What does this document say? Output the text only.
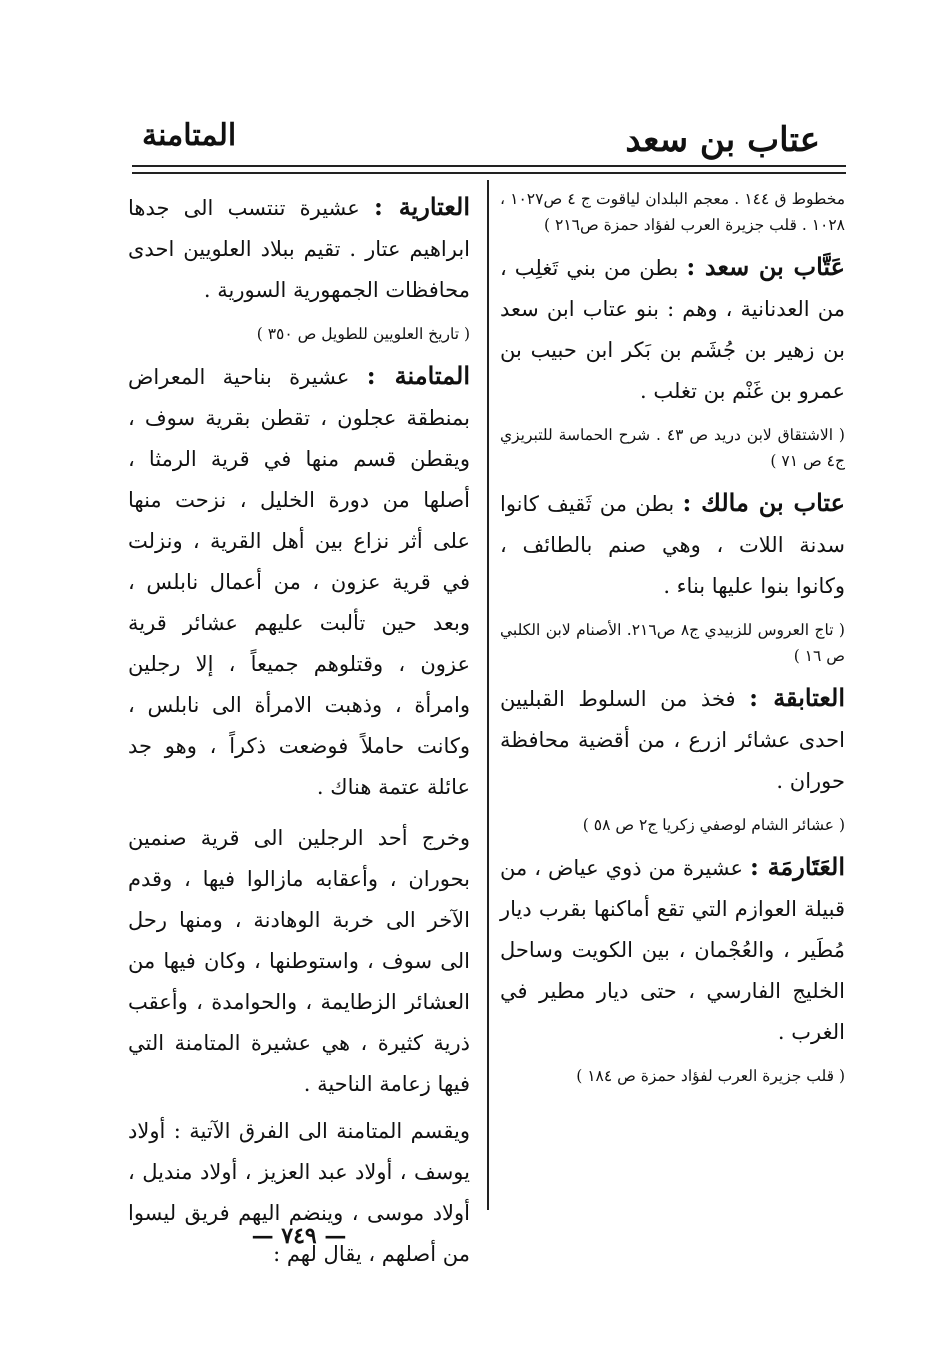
عتاب بن سعد
المتامنة
مخطوط ق ١٤٤ . معجم البلدان لياقوت ج ٤ ص١٠٢٧ ، ١٠٢٨ . قلب جزيرة العرب لفؤاد حمزة ص٢١٦ )
عَتَّاب بن سعد : بطن من بني تَغلِب ، من العدنانية ، وهم : بنو عتاب ابن سعد بن زهير بن جُشَم بن بَكر ابن حبيب بن عمرو بن غَنْم بن تغلب .
( الاشتقاق لابن دريد ص ٤٣ . شرح الحماسة للتبريزي ج٤ ص ٧١ )
عتاب بن مالك : بطن من ثَقيف كانوا سدنة اللات ، وهي صنم بالطائف ، وكانوا بنوا عليها بناء .
( تاج العروس للزبيدي ج٨ ص٢١٦. الأصنام لابن الكلبي ص ١٦ )
العتابقة : فخذ من السلوط القبليين احدى عشائر ازرع ، من أقضية محافظة حوران .
( عشائر الشام لوصفي زكريا ج٢ ص ٥٨ )
العَتَارمَة : عشيرة من ذوي عياض ، من قبيلة العوازم التي تقع أماكنها بقرب ديار مُطَير ، والعُجْمان ، بين الكويت وساحل الخليج الفارسي ، حتى ديار مطير في الغرب .
( قلب جزيرة العرب لفؤاد حمزة ص ١٨٤ )
العتارية : عشيرة تنتسب الى جدها ابراهيم عتار . تقيم ببلاد العلويين احدى محافظات الجمهورية السورية .
( تاريخ العلويين للطويل ص ٣٥٠ )
المتامنة : عشيرة بناحية المعراض بمنطقة عجلون ، تقطن بقرية سوف ، ويقطن قسم منها في قرية الرمثا ، أصلها من دورة الخليل ، نزحت منها على أثر نزاع بين أهل القرية ، ونزلت في قرية عزون ، من أعمال نابلس ، وبعد حين تألبت عليهم عشائر قرية عزون ، وقتلوهم جميعاً ، إلا رجلين وامرأة ، وذهبت الامرأة الى نابلس ، وكانت حاملاً فوضعت ذكراً ، وهو جد عائلة عتمة هناك .
وخرج أحد الرجلين الى قرية صنمين بحوران ، وأعقابه مازالوا فيها ، وقدم الآخر الى خربة الوهادنة ، ومنها رحل الى سوف ، واستوطنها ، وكان فيها من العشائر الزطايمة ، والحوامدة ، وأعقب ذرية كثيرة ، هي عشيرة المتامنة التي فيها زعامة الناحية .
ويقسم المتامنة الى الفرق الآتية : أولاد يوسف ، أولاد عبد العزيز ، أولاد منديل ، أولاد موسى ، وينضم اليهم فريق ليسوا من أصلهم ، يقال لهم :
— ٧٤٩ —
